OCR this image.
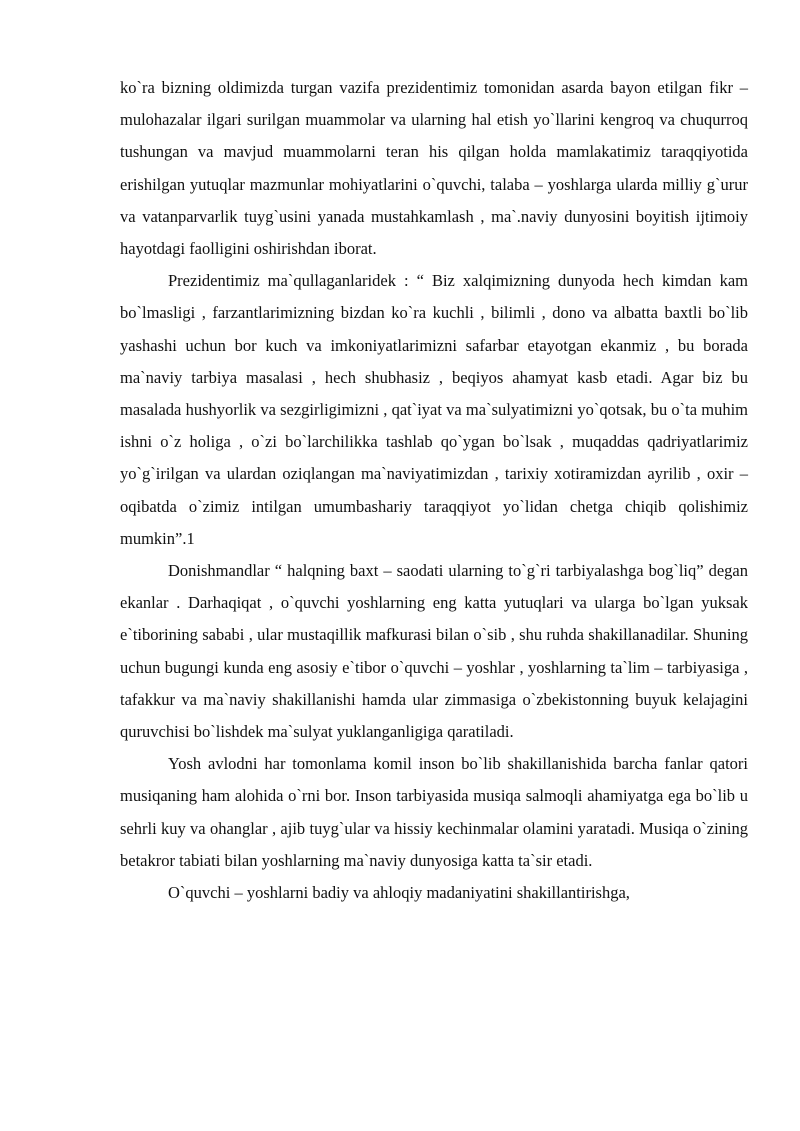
ko`ra bizning oldimizda turgan vazifa prezidentimiz tomonidan asarda bayon etilgan fikr – mulohazalar ilgari surilgan muammolar va ularning hal etish yo`llarini kengroq va chuqurroq tushungan va mavjud muammolarni teran his qilgan holda mamlakatimiz taraqqiyotida erishilgan yutuqlar mazmunlar mohiyatlarini o`quvchi, talaba – yoshlarga ularda milliy g`urur va vatanparvarlik tuyg`usini yanada mustahkamlash , ma`.naviy dunyosini boyitish ijtimoiy hayotdagi faolligini oshirishdan iborat.

Prezidentimiz ma`qullaganlaridek : “ Biz xalqimizning dunyoda hech kimdan kam bo`lmasligi , farzantlarimizning bizdan ko`ra kuchli , bilimli , dono va albatta baxtli bo`lib yashashi uchun bor kuch va imkoniyatlarimizni safarbar etayotgan ekanmiz , bu borada ma`naviy tarbiya masalasi , hech shubhasiz , beqiyos ahamyat kasb etadi. Agar biz bu masalada hushyorlik va sezgirligimizni , qat`iyat va ma`sulyatimizni yo`qotsak, bu o`ta muhim ishni o`z holiga , o`zi bo`larchilikka tashlab qo`ygan bo`lsak , muqaddas qadriyatlarimiz yo`g`irilgan va ulardan oziqlangan ma`naviyatimizdan , tarixiy xotiramizdan ayrilib , oxir – oqibatda o`zimiz intilgan umumbashariy taraqqiyot yo`lidan chetga chiqib qolishimiz mumkin”.1

Donishmandlar “ halqning baxt – saodati ularning to`g`ri tarbiyalashga bog`liq” degan ekanlar . Darhaqiqat , o`quvchi yoshlarning eng katta yutuqlari va ularga bo`lgan yuksak e`tiborining sababi , ular mustaqillik mafkurasi bilan o`sib , shu ruhda shakillanadilar. Shuning uchun bugungi kunda eng asosiy e`tibor o`quvchi – yoshlar , yoshlarning ta`lim – tarbiyasiga , tafakkur va ma`naviy shakillanishi hamda ular zimmasiga o`zbekistonning buyuk kelajagini quruvchisi bo`lishdek ma`sulyat yuklanganligiga qaratiladi.

Yosh avlodni har tomonlama komil inson bo`lib shakillanishida barcha fanlar qatori musiqaning ham alohida o`rni bor. Inson tarbiyasida musiqa salmoqli ahamiyatga ega bo`lib u sehrli kuy va ohanglar , ajib tuyg`ular va hissiy kechinmalar olamini yaratadi. Musiqa o`zining betakror tabiati bilan yoshlarning ma`naviy dunyosiga katta ta`sir etadi.

O`quvchi – yoshlarni badiy va ahloqiy madaniyatini shakillantirishga,
